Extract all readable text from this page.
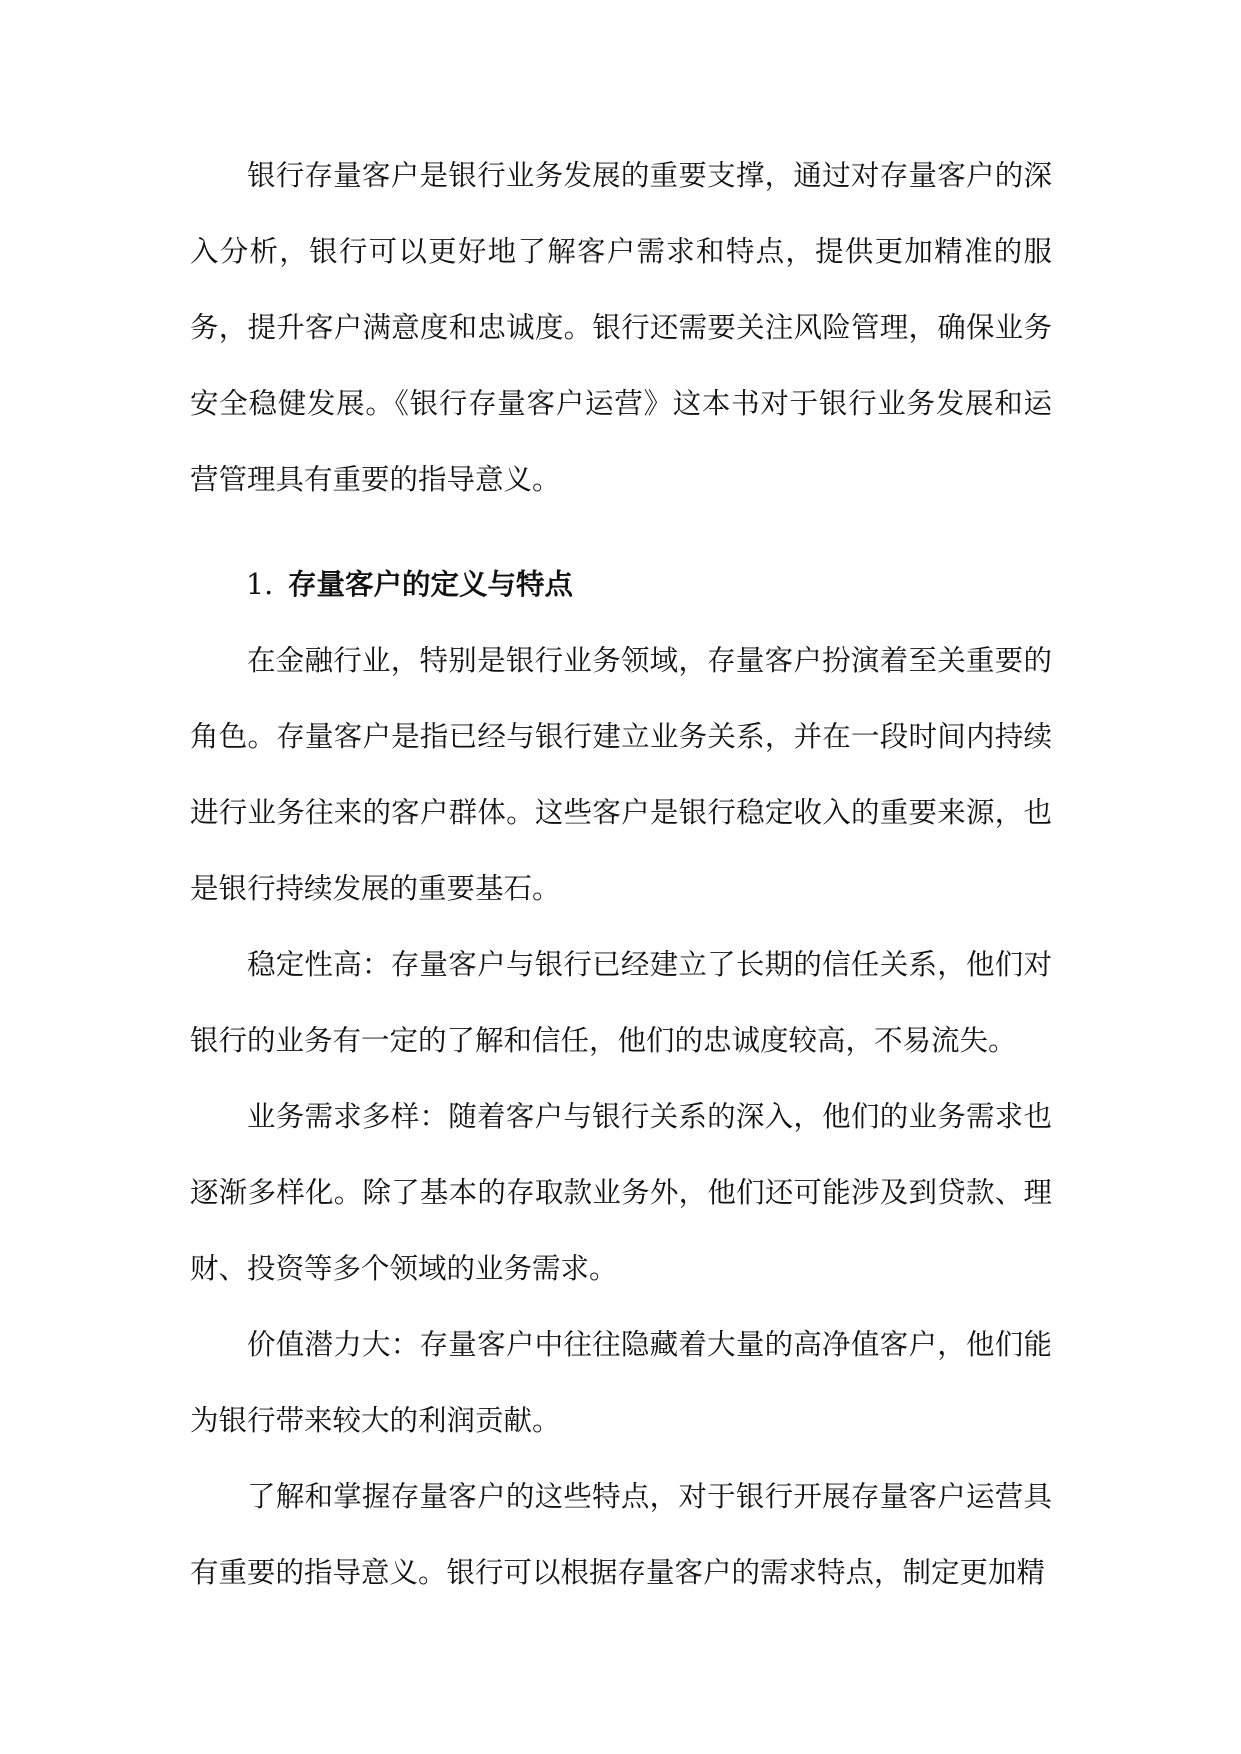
银行存量客户是银行业务发展的重要支撑，通过对存量客户的深入分析，银行可以更好地了解客户需求和特点，提供更加精准的服务，提升客户满意度和忠诚度。银行还需要关注风险管理，确保业务安全稳健发展。《银行存量客户运营》这本书对于银行业务发展和运营管理具有重要的指导意义。

1. 存量客户的定义与特点

在金融行业，特别是银行业务领域，存量客户扮演着至关重要的角色。存量客户是指已经与银行建立业务关系，并在一段时间内持续进行业务往来的客户群体。这些客户是银行稳定收入的重要来源，也是银行持续发展的重要基石。

稳定性高：存量客户与银行已经建立了长期的信任关系，他们对银行的业务有一定的了解和信任，他们的忠诚度较高，不易流失。

业务需求多样：随着客户与银行关系的深入，他们的业务需求也逐渐多样化。除了基本的存取款业务外，他们还可能涉及到贷款、理财、投资等多个领域的业务需求。

价值潜力大：存量客户中往往隐藏着大量的高净值客户，他们能为银行带来较大的利润贡献。

了解和掌握存量客户的这些特点，对于银行开展存量客户运营具有重要的指导意义。银行可以根据存量客户的需求特点，制定更加精
